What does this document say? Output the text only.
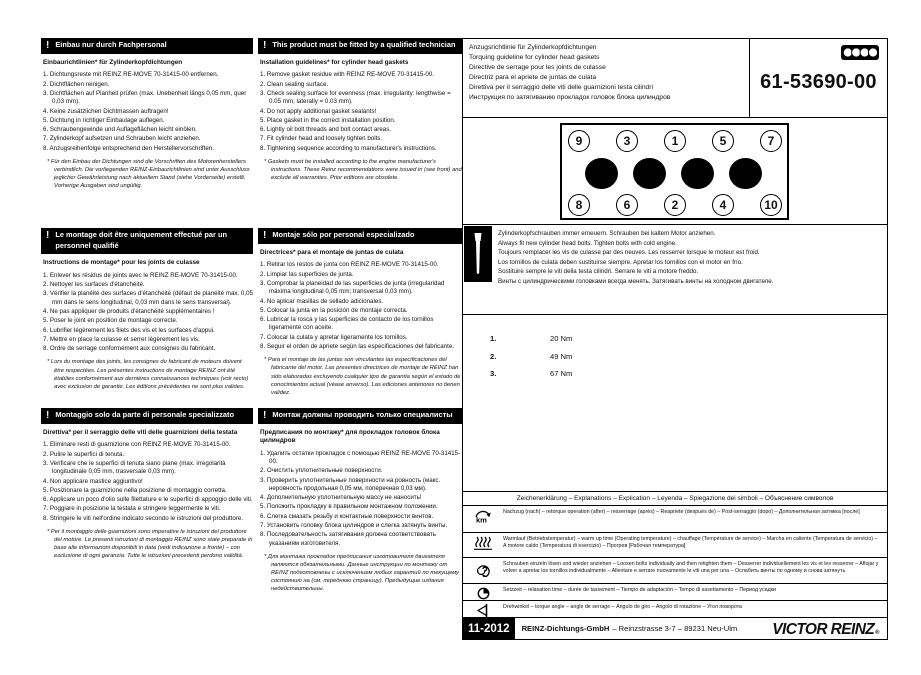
! Einbau nur durch Fachpersonal
Einbaurichtlinien* für Zylinderkopfdichtungen
1. Dichtungsreste mit REINZ RE-MOVE 70-31415-00 entfernen.
2. Dichtflächen reinigen.
3. Dichtflächen auf Planheit prüfen (max. Unebenheit längs 0,05 mm, quer 0,03 mm).
4. Keine zusätzlichen Dichtmassen auftragen!
5. Dichtung in richtiger Einbaulage auflegen.
6. Schraubengewinde und Auflageflächen leicht einölen.
7. Zylinderkopf aufsetzen und Schrauben leicht anziehen.
8. Anzugsreihenfolge entsprechend den Herstellervorschriften.
* Für den Einbau der Dichtungen sind die Vorschriften des Motorenherstellers verbindlich. Die vorliegenden REINZ-Einbaurichtlinien sind unter Ausschluss jeglicher Gewährleistung nach aktuellem Stand (siehe Vorderseite) erstellt. Vorherige Ausgaben sind ungültig.
! This product must be fitted by a qualified technician
Installation guidelines* for cylinder head gaskets
1. Remove gasket residue with REINZ RE-MOVE 70-31415-00.
2. Clean sealing surface.
3. Check sealing surface for evenness (max. irregularity: lengthwise = 0.05 mm; laterally = 0.03 mm).
4. Do not apply additional gasket sealants!
5. Place gasket in the correct installation position.
6. Lightly oil bolt threads and bolt contact areas.
7. Fit cylinder head and loosely tighten bolts.
8. Tightening sequence according to manufacturer's instructions.
* Gaskets must be installed according to the engine manufacturer's instructions. These Reinz recommendations were issued in (see front) and exclude all warranties. Prior editions are obsolete.
! Le montage doit être uniquement effectué par un personnel qualifié
Instructions de montage* pour les joints de culasse
1. Enlever les résidus de joints avec le REINZ RE-MOVE 70-31415-00.
2. Nettoyer les surfaces d'étanchéité.
3. Vérifier la planéité des surfaces d'étanchéité (défaut de planéité max. 0,05 mm dans le sens longitudinal, 0,03 mm dans le sens transversal).
4. Ne pas appliquer de produits d'étanchéité supplémentaires !
5. Poser le joint en position de montage correcte.
6. Lubrifier légèrement les filets des vis et les surfaces d'appui.
7. Mettre en place la culasse et serrer légèrement les vis.
8. Ordre de serrage conformément aux consignes du fabricant.
* Lors du montage des joints, les consignes du fabricant de moteurs doivent être respectées. Les présentes instructions de montage REINZ ont été établies conformément aux dernières connaissances techniques (voir recto) avec exclusion de garantie. Les éditions précédentes ne sont plus valides.
! Montaje sólo por personal especializado
Directrices* para el montaje de juntas de culata
1. Retirar los restos de junta con REINZ RE-MOVE 70-31415-00.
2. Limpiar las superficies de junta.
3. Comprobar la planeidad de las superficies de junta (irregularidad máxima longitudinal 0,05 mm; transversal 0,03 mm).
4. No aplicar masillas de sellado adicionales.
5. Colocar la junta en la posición de montaje correcta.
6. Lubricar la rosca y las superficies de contacto de los tornillos ligeramente con aceite.
7. Colocar la culata y apretar ligeramente los tornillos.
8. Seguir el orden de apriete según las especificaciones del fabricante.
* Para el montaje de las juntas son vinculantes las especificaciones del fabricante del motor. Las presentes directrices de montaje de REINZ han sido elaboradas excluyendo cualquier tipo de garantía según el estado de conocimientos actual (véase anverso). Las ediciones anteriores no tienen validez.
! Montaggio solo da parte di personale specializzato
Direttiva* per il serraggio delle viti delle guarnizioni della testata
1. Eliminare resti di guarnizione con REINZ RE-MOVE 70-31415-00.
2. Pulire le superfici di tenuta.
3. Verificare che le superfici di tenuta siano piane (max. irregolarità longitudinale 0,05 mm, trasversale 0,03 mm).
4. Non applicare mastice aggiuntivo!
5. Posizionare la guarnizione nella posizione di montaggio corretta.
6. Applicare un poco d'olio sulle filettature e le superfici di appoggio delle viti.
7. Poggiare in posizione la testata e stringere leggermente le viti.
8. Stringere le viti nell'ordine indicato secondo le istruzioni del produttore.
* Per il montaggio delle guarnizioni sono imperative le istruzioni del produttore del motore. Le presenti istruzioni di montaggio REINZ sono state preparate in base alle informazioni disponibili in data (vedi indicazione a fronte) – con esclusione di ogni garanzia. Tutte le istruzioni precedenti perdono validità.
! Монтаж должны проводить только специалисты
Предписания по монтажу* для прокладок головок блока цилиндров
1. Удалить остатки прокладок с помощью REINZ RE-MOVE 70-31415-00.
2. Очистить уплотнительные поверхности.
3. Проверить уплотнительные поверхности на ровность (макс. неровность продольная 0,05 мм, поперечная 0,03 мм).
4. Дополнительную уплотнительную массу не наносить!
5. Положить прокладку в правильном монтажном положении.
6. Слегка смазать резьбу и контактные поверхности винтов.
7. Установить головку блока цилиндров и слегка затянуть винты.
8. Последовательность затягивания должна соответствовать указаниям изготовителя.
* Для монтажа прокладок предписания изготовителя двигателя являются обязательными. Данные инструкции по монтажу от REINZ подготовлены с исключением любых гарантий по текущему состоянию на (см. переднюю страницу). Предыдущие издания недействительны.
Anzugsrichtlinie für Zylinderkopfdichtungen
Torquing guideline for cylinder head gaskets
Directive de serrage pour les joints de culasse
Directriz para el apriete de juntas de culata
Direttiva per il serraggio delle viti delle guarnizioni testa cilindri
Инструкция по затягиванию прокладок головок блока цилиндров
61-53690-00
9	3	1	5	7
8	6	2	4	10
Zylinderkopfschrauben immer erneuern. Schrauben bei kaltem Motor anziehen.
Always fit new cylinder head bolts. Tighten bolts with cold engine.
Toujours remplacer les vis de culasse par des neuves. Les resserrer lorsque le moteur est froid.
Los tornillos de culata deben sustituirse siempre. Apretar los tornillos con el motor en frío.
Sostituire sempre le viti della testa cilindri. Serrare le viti a motore freddo.
Винты с цилиндрическими головками всегда менять. Затягивать винты на холодном двигателе.
1.	20 Nm
2.	49 Nm
3.	67 Nm
Zeichenerklärung – Explanations – Explication – Leyenda – Spiegazione dei simboli – Объяснение символов
km
Nachzug (nach) – retorque operation (after) – resserrage (après) – Reapriete (después de) – Post-serraggio (dopo) – Дополнительная затяжка [после]
Warmlauf (Betriebstemperatur) – warm up time (Operating temperature) – chauffage (Température de service) – Marcha en caliente (Temperatura de servicio) – A motore caldo (Temperatura di esercizio) – Прогрев [Рабочая температура]
Schrauben einzeln lösen und wieder anziehen – Loosen bolts individually and then retighten them – Desserrer individuellement les vis et les resserrer – Aflojar y volver a apretar los tornillos individualmente – Allentare e serrare nuovamente le viti una per una – Ослабить винты по одному и снова затянуть
Setzzeit – relaxation time – durée de tassement – Tiempo de adaptación – Tempo di assettamento – Период усадки
Drehwinkel – torque angle – angle de serrage – Ángulo de giro – Angolo di rotazione – Угол поворота
11-2012	REINZ-Dichtungs-GmbH – Reinzstrasse 3-7 – 89231 Neu-Ulm VICTOR REINZ ®
